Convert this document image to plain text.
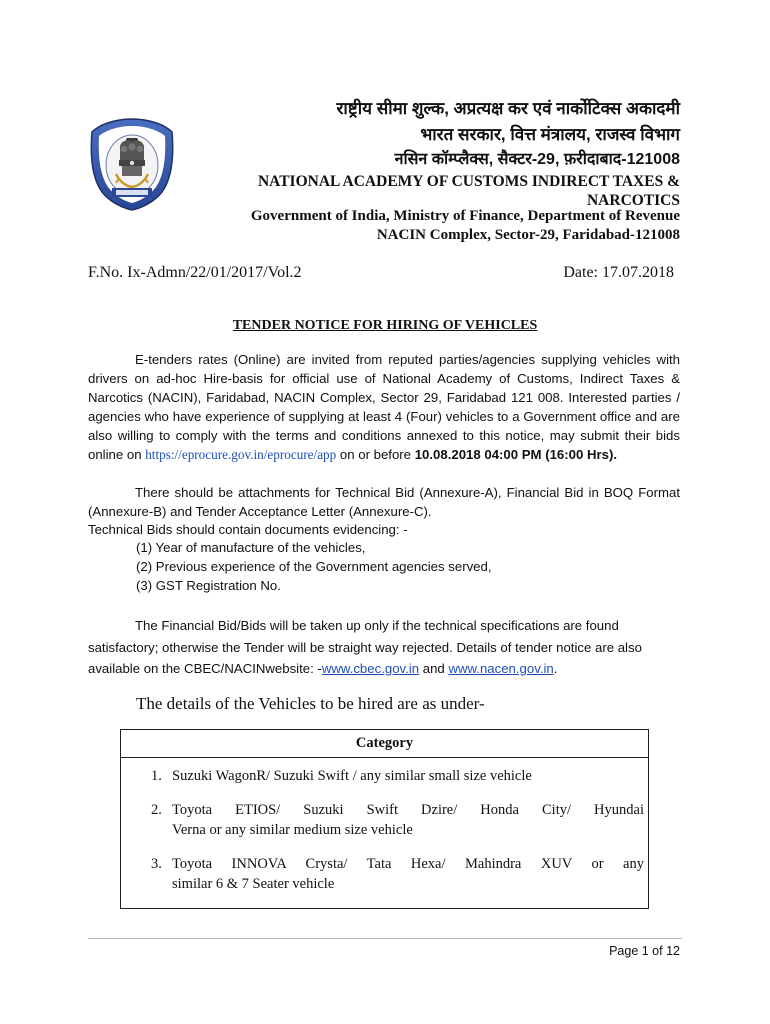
राष्ट्रीय सीमा शुल्क, अप्रत्यक्ष कर एवं नार्कोटिक्स अकादमी
भारत सरकार, वित्त मंत्रालय, राजस्व विभाग
नसिन कॉम्प्लैक्स, सैक्टर-29, फ़रीदाबाद-121008
NATIONAL ACADEMY OF CUSTOMS INDIRECT TAXES & NARCOTICS
Government of India, Ministry of Finance, Department of Revenue
NACIN Complex, Sector-29, Faridabad-121008
F.No. Ix-Admn/22/01/2017/Vol.2	Date: 17.07.2018
TENDER NOTICE FOR HIRING OF VEHICLES
E-tenders rates (Online) are invited from reputed parties/agencies supplying vehicles with drivers on ad-hoc Hire-basis for official use of National Academy of Customs, Indirect Taxes & Narcotics (NACIN), Faridabad, NACIN Complex, Sector 29, Faridabad 121 008. Interested parties / agencies who have experience of supplying at least 4 (Four) vehicles to a Government office and are also willing to comply with the terms and conditions annexed to this notice, may submit their bids online on https://eprocure.gov.in/eprocure/app on or before 10.08.2018 04:00 PM (16:00 Hrs).
There should be attachments for Technical Bid (Annexure-A), Financial Bid in BOQ Format (Annexure-B) and Tender Acceptance Letter (Annexure-C).
Technical Bids should contain documents evidencing: -
(1) Year of manufacture of the vehicles,
(2) Previous experience of the Government agencies served,
(3) GST Registration No.
The Financial Bid/Bids will be taken up only if the technical specifications are found
satisfactory; otherwise the Tender will be straight way rejected. Details of tender notice are also available on the CBEC/NACINwebsite: -www.cbec.gov.in and www.nacen.gov.in.
The details of the Vehicles to be hired are as under-
Category
1. Suzuki WagonR/ Suzuki Swift / any similar small size vehicle
2. Toyota ETIOS/ Suzuki Swift Dzire/ Honda City/ Hyundai
Verna or any similar medium size vehicle
3. Toyota INNOVA Crysta/ Tata Hexa/ Mahindra XUV or any
similar 6 & 7 Seater vehicle
Page 1 of 12
